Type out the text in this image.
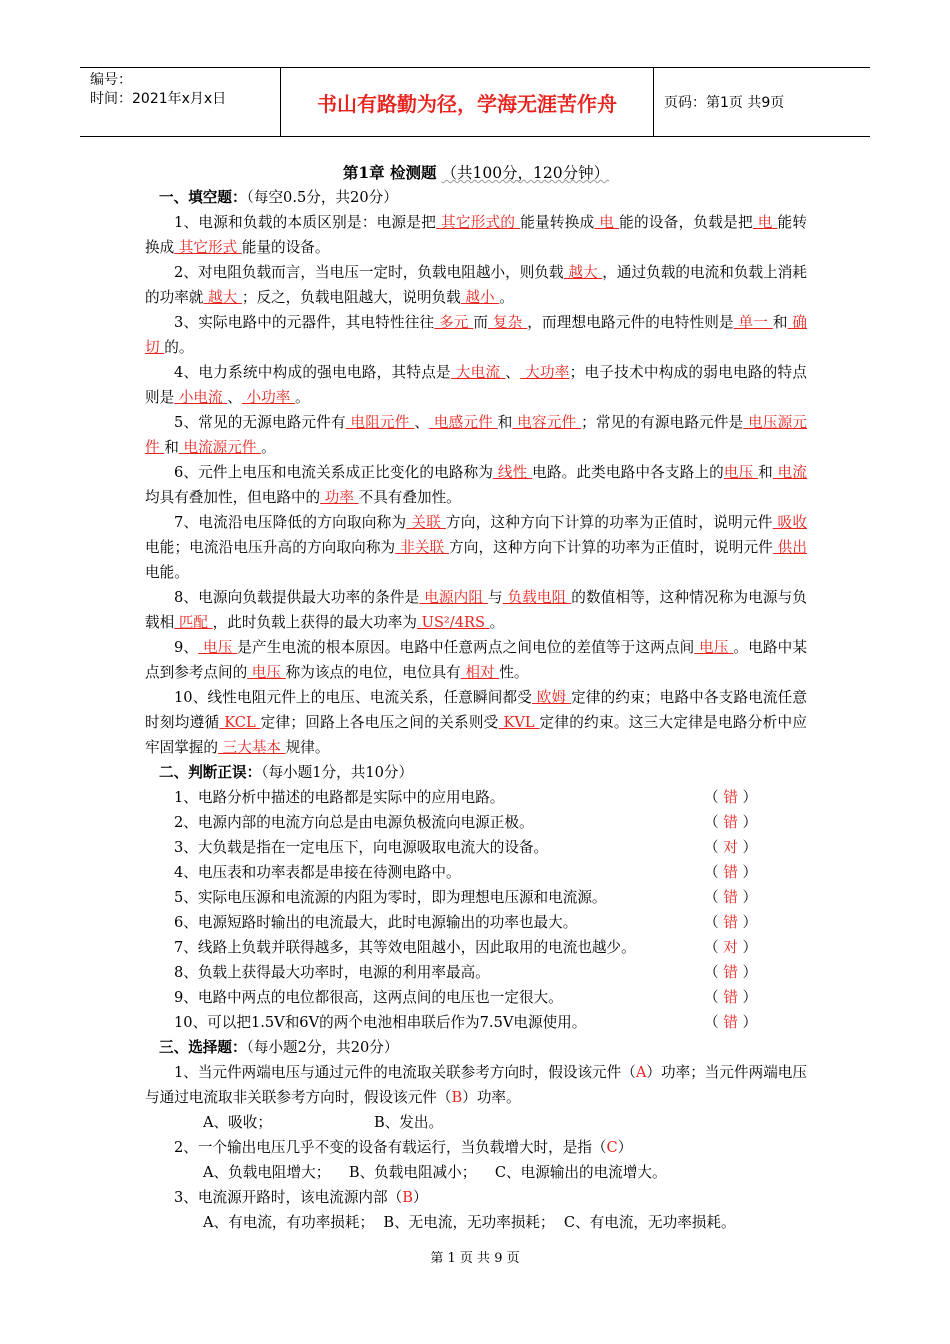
编号：
时间：2021年x月x日	书山有路勤为径，学海无涯苦作舟	页码：第1页 共9页
第1章 检测题 （共100分，120分钟）
一、填空题：（每空0.5分，共20分）

1、电源和负载的本质区别是：电源是把 其它形式的 能量转换成 电 能的设备，负载是把 电 能转换成 其它形式 能量的设备。

2、对电阻负载而言，当电压一定时，负载电阻越小，则负载 越大 ，通过负载的电流和负载上消耗的功率就 越大 ；反之，负载电阻越大，说明负载 越小 。

3、实际电路中的元器件，其电特性往往 多元 而 复杂 ，而理想电路元件的电特性则是 单一 和 确切 的。

4、电力系统中构成的强电电路，其特点是 大电流 、 大功率；电子技术中构成的弱电电路的特点则是 小电流 、 小功率 。

5、常见的无源电路元件有 电阻元件 、 电感元件 和 电容元件 ；常见的有源电路元件是 电压源元件 和 电流源元件 。

6、元件上电压和电流关系成正比变化的电路称为 线性 电路。此类电路中各支路上的电压 和 电流 均具有叠加性，但电路中的 功率 不具有叠加性。

7、电流沿电压降低的方向取向称为 关联 方向，这种方向下计算的功率为正值时，说明元件 吸收 电能；电流沿电压升高的方向取向称为 非关联 方向，这种方向下计算的功率为正值时，说明元件 供出 电能。

8、电源向负载提供最大功率的条件是 电源内阻 与 负载电阻 的数值相等，这种情况称为电源与负载相 匹配 ，此时负载上获得的最大功率为 US²/4RS 。

9、 电压 是产生电流的根本原因。电路中任意两点之间电位的差值等于这两点间 电压 。电路中某点到参考点间的 电压 称为该点的电位，电位具有 相对 性。

10、线性电阻元件上的电压、电流关系，任意瞬间都受 欧姆 定律的约束；电路中各支路电流任意时刻均遵循 KCL 定律；回路上各电压之间的关系则受 KVL 定律的约束。这三大定律是电路分析中应牢固掌握的 三大基本 规律。

二、判断正误：（每小题1分，共10分）
1、电路分析中描述的电路都是实际中的应用电路。	（ 错 ）
2、电源内部的电流方向总是由电源负极流向电源正极。	（ 错 ）
3、大负载是指在一定电压下，向电源吸取电流大的设备。	（ 对 ）
4、电压表和功率表都是串接在待测电路中。	（ 错 ）
5、实际电压源和电流源的内阻为零时，即为理想电压源和电流源。	（ 错 ）
6、电源短路时输出的电流最大，此时电源输出的功率也最大。	（ 错 ）
7、线路上负载并联得越多，其等效电阻越小，因此取用的电流也越少。	（ 对 ）
8、负载上获得最大功率时，电源的利用率最高。	（ 错 ）
9、电路中两点的电位都很高，这两点间的电压也一定很大。	（ 错 ）
10、可以把1.5V和6V的两个电池相串联后作为7.5V电源使用。	（ 错 ）
三、选择题：（每小题2分，共20分）

1、当元件两端电压与通过元件的电流取关联参考方向时，假设该元件（A）功率；当元件两端电压与通过电流取非关联参考方向时，假设该元件（B）功率。

A、吸收；                      B、发出。

2、一个输出电压几乎不变的设备有载运行，当负载增大时，是指（C）

A、负载电阻增大；    B、负载电阻减小；    C、电源输出的电流增大。

3、电流源开路时，该电流源内部（B）

A、有电流，有功率损耗；  B、无电流，无功率损耗；  C、有电流，无功率损耗。
第 1 页 共 9 页
